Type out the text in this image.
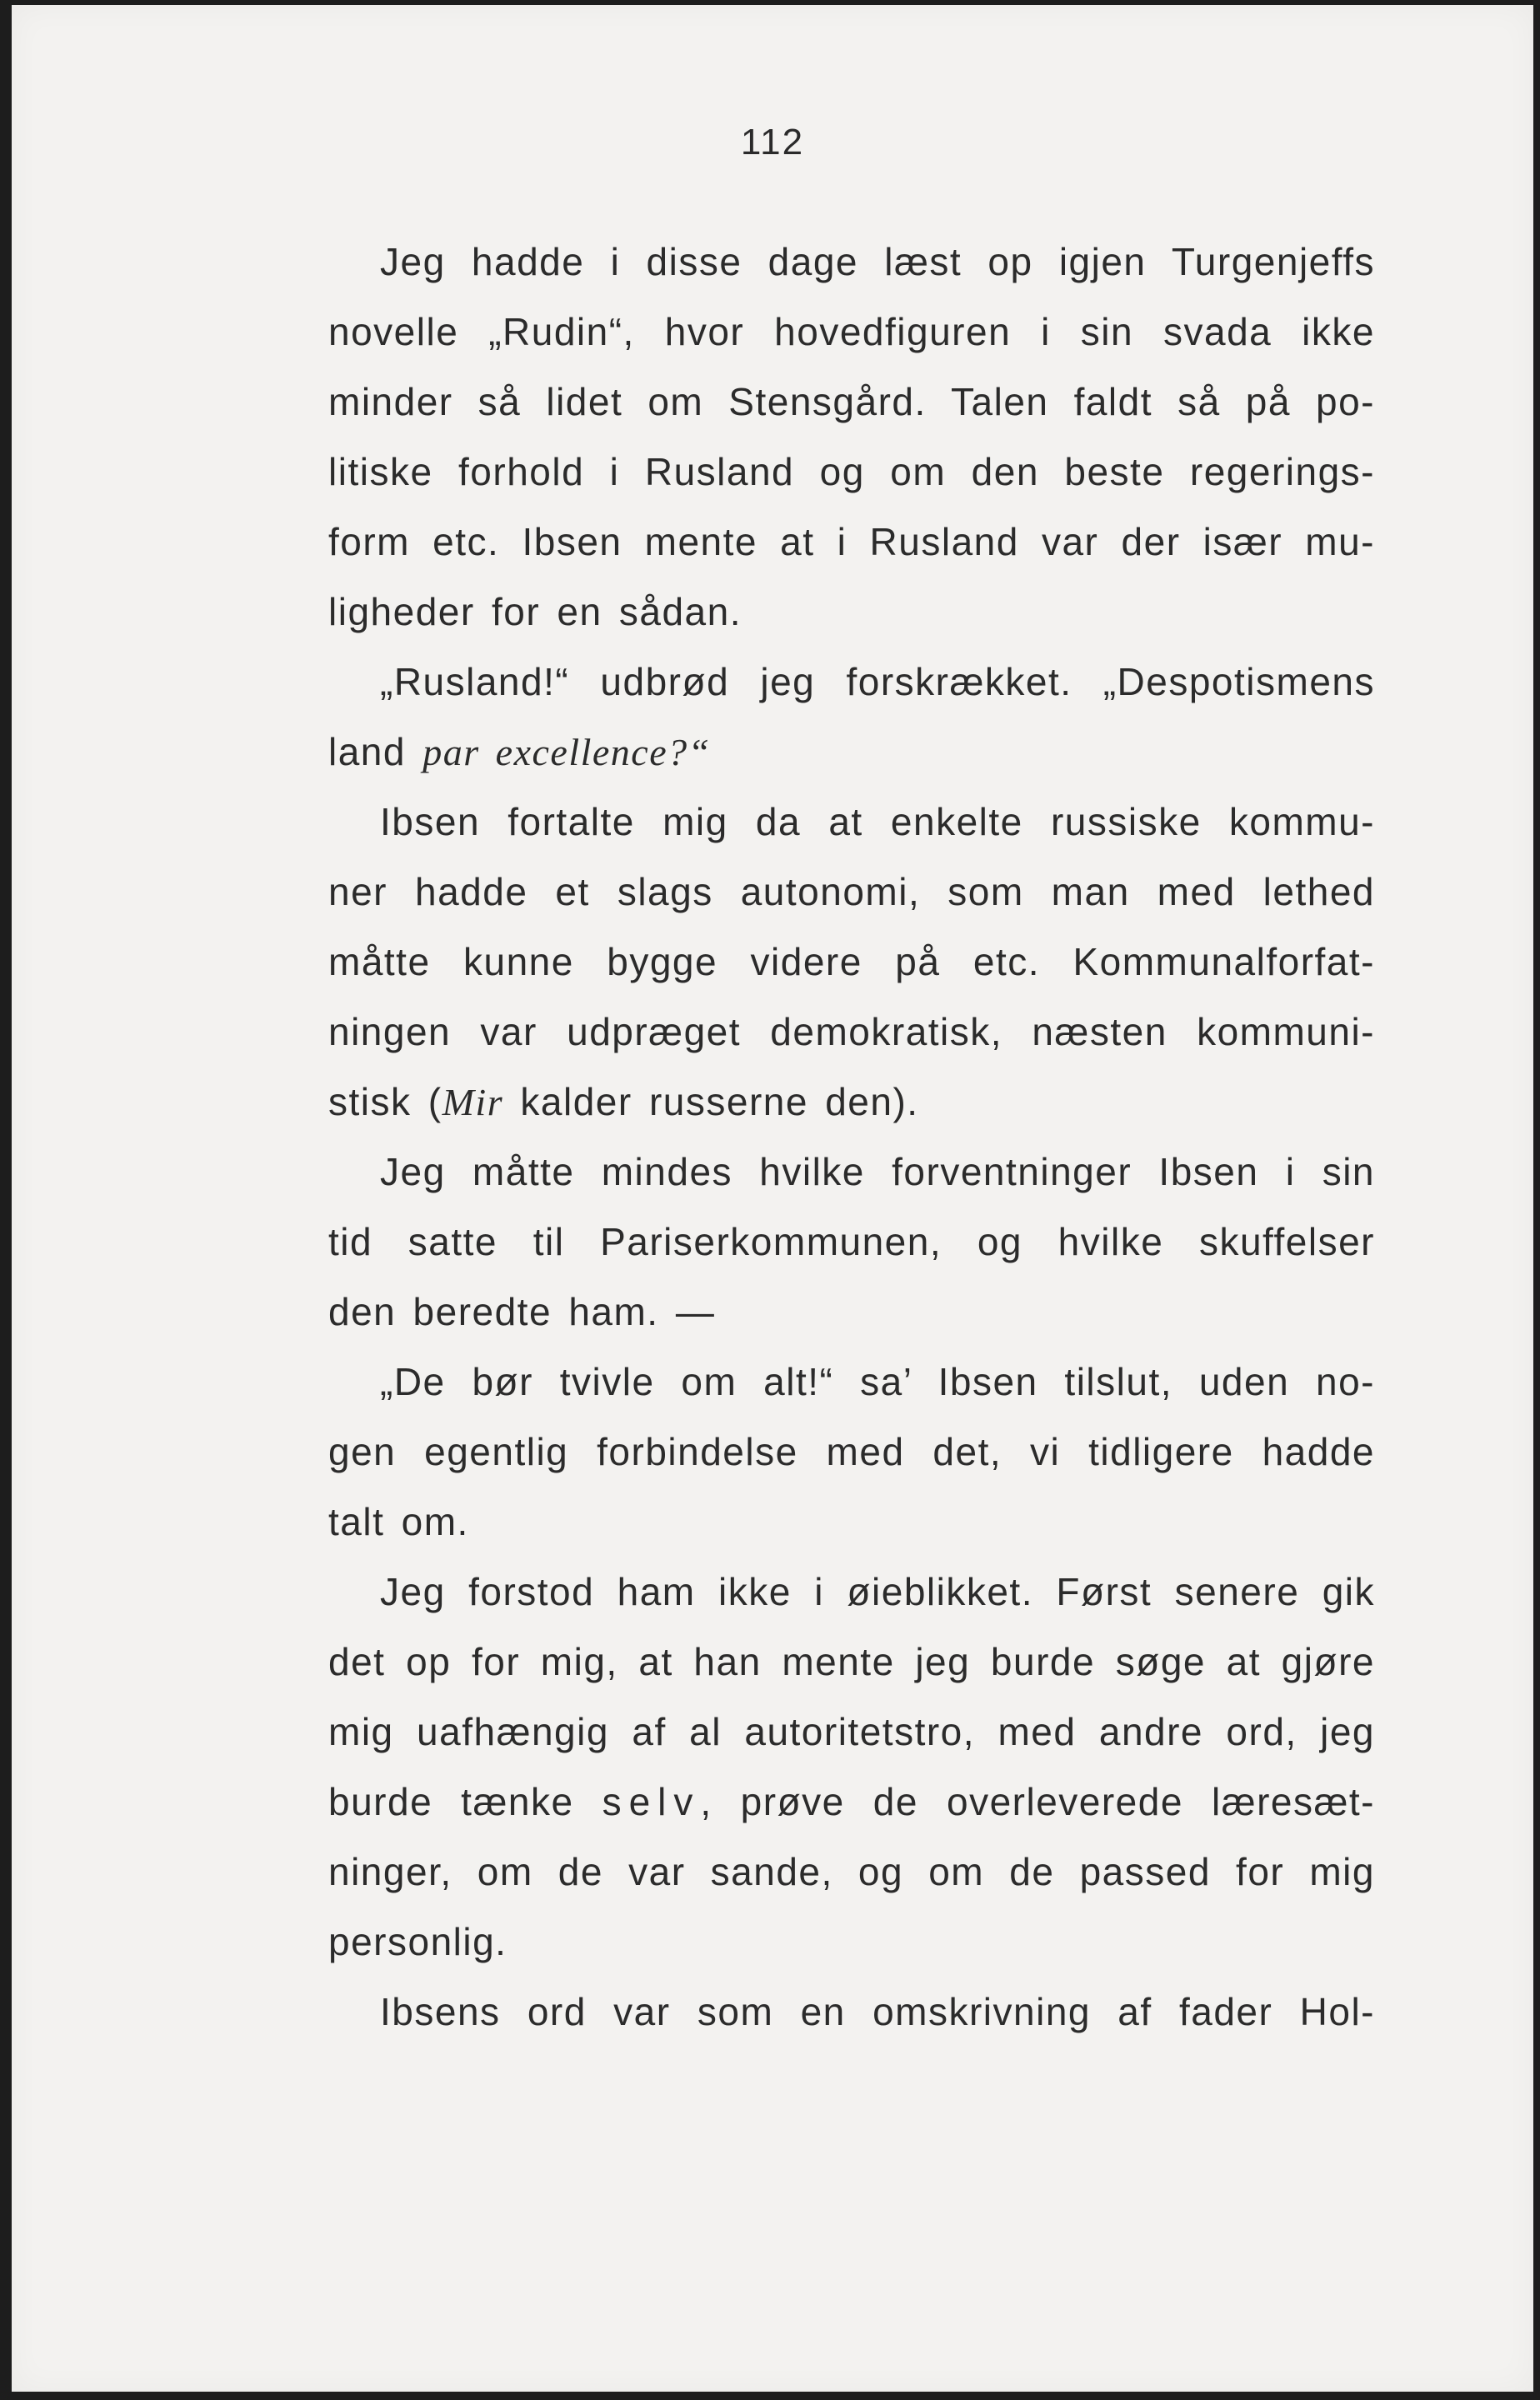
112
Jeg hadde i disse dage læst op igjen Turgenjeffs
novelle „Rudin“, hvor hovedfiguren i sin svada ikke
minder så lidet om Stensgård. Talen faldt så på po-
litiske forhold i Rusland og om den beste regerings-
form etc. Ibsen mente at i Rusland var der især mu-
ligheder for en sådan.
„Rusland!“ udbrød jeg forskrækket. „Despotismens
land par excellence?“
Ibsen fortalte mig da at enkelte russiske kommu-
ner hadde et slags autonomi, som man med lethed
måtte kunne bygge videre på etc. Kommunalforfat-
ningen var udpræget demokratisk, næsten kommuni-
stisk (Mir kalder russerne den).
Jeg måtte mindes hvilke forventninger Ibsen i sin
tid satte til Pariserkommunen, og hvilke skuffelser
den beredte ham. —
„De bør tvivle om alt!“ sa’ Ibsen tilslut, uden no-
gen egentlig forbindelse med det, vi tidligere hadde
talt om.
Jeg forstod ham ikke i øieblikket. Først senere gik
det op for mig, at han mente jeg burde søge at gjøre
mig uafhængig af al autoritetstro, med andre ord, jeg
burde tænke selv, prøve de overleverede læresæt-
ninger, om de var sande, og om de passed for mig
personlig.
Ibsens ord var som en omskrivning af fader Hol-
